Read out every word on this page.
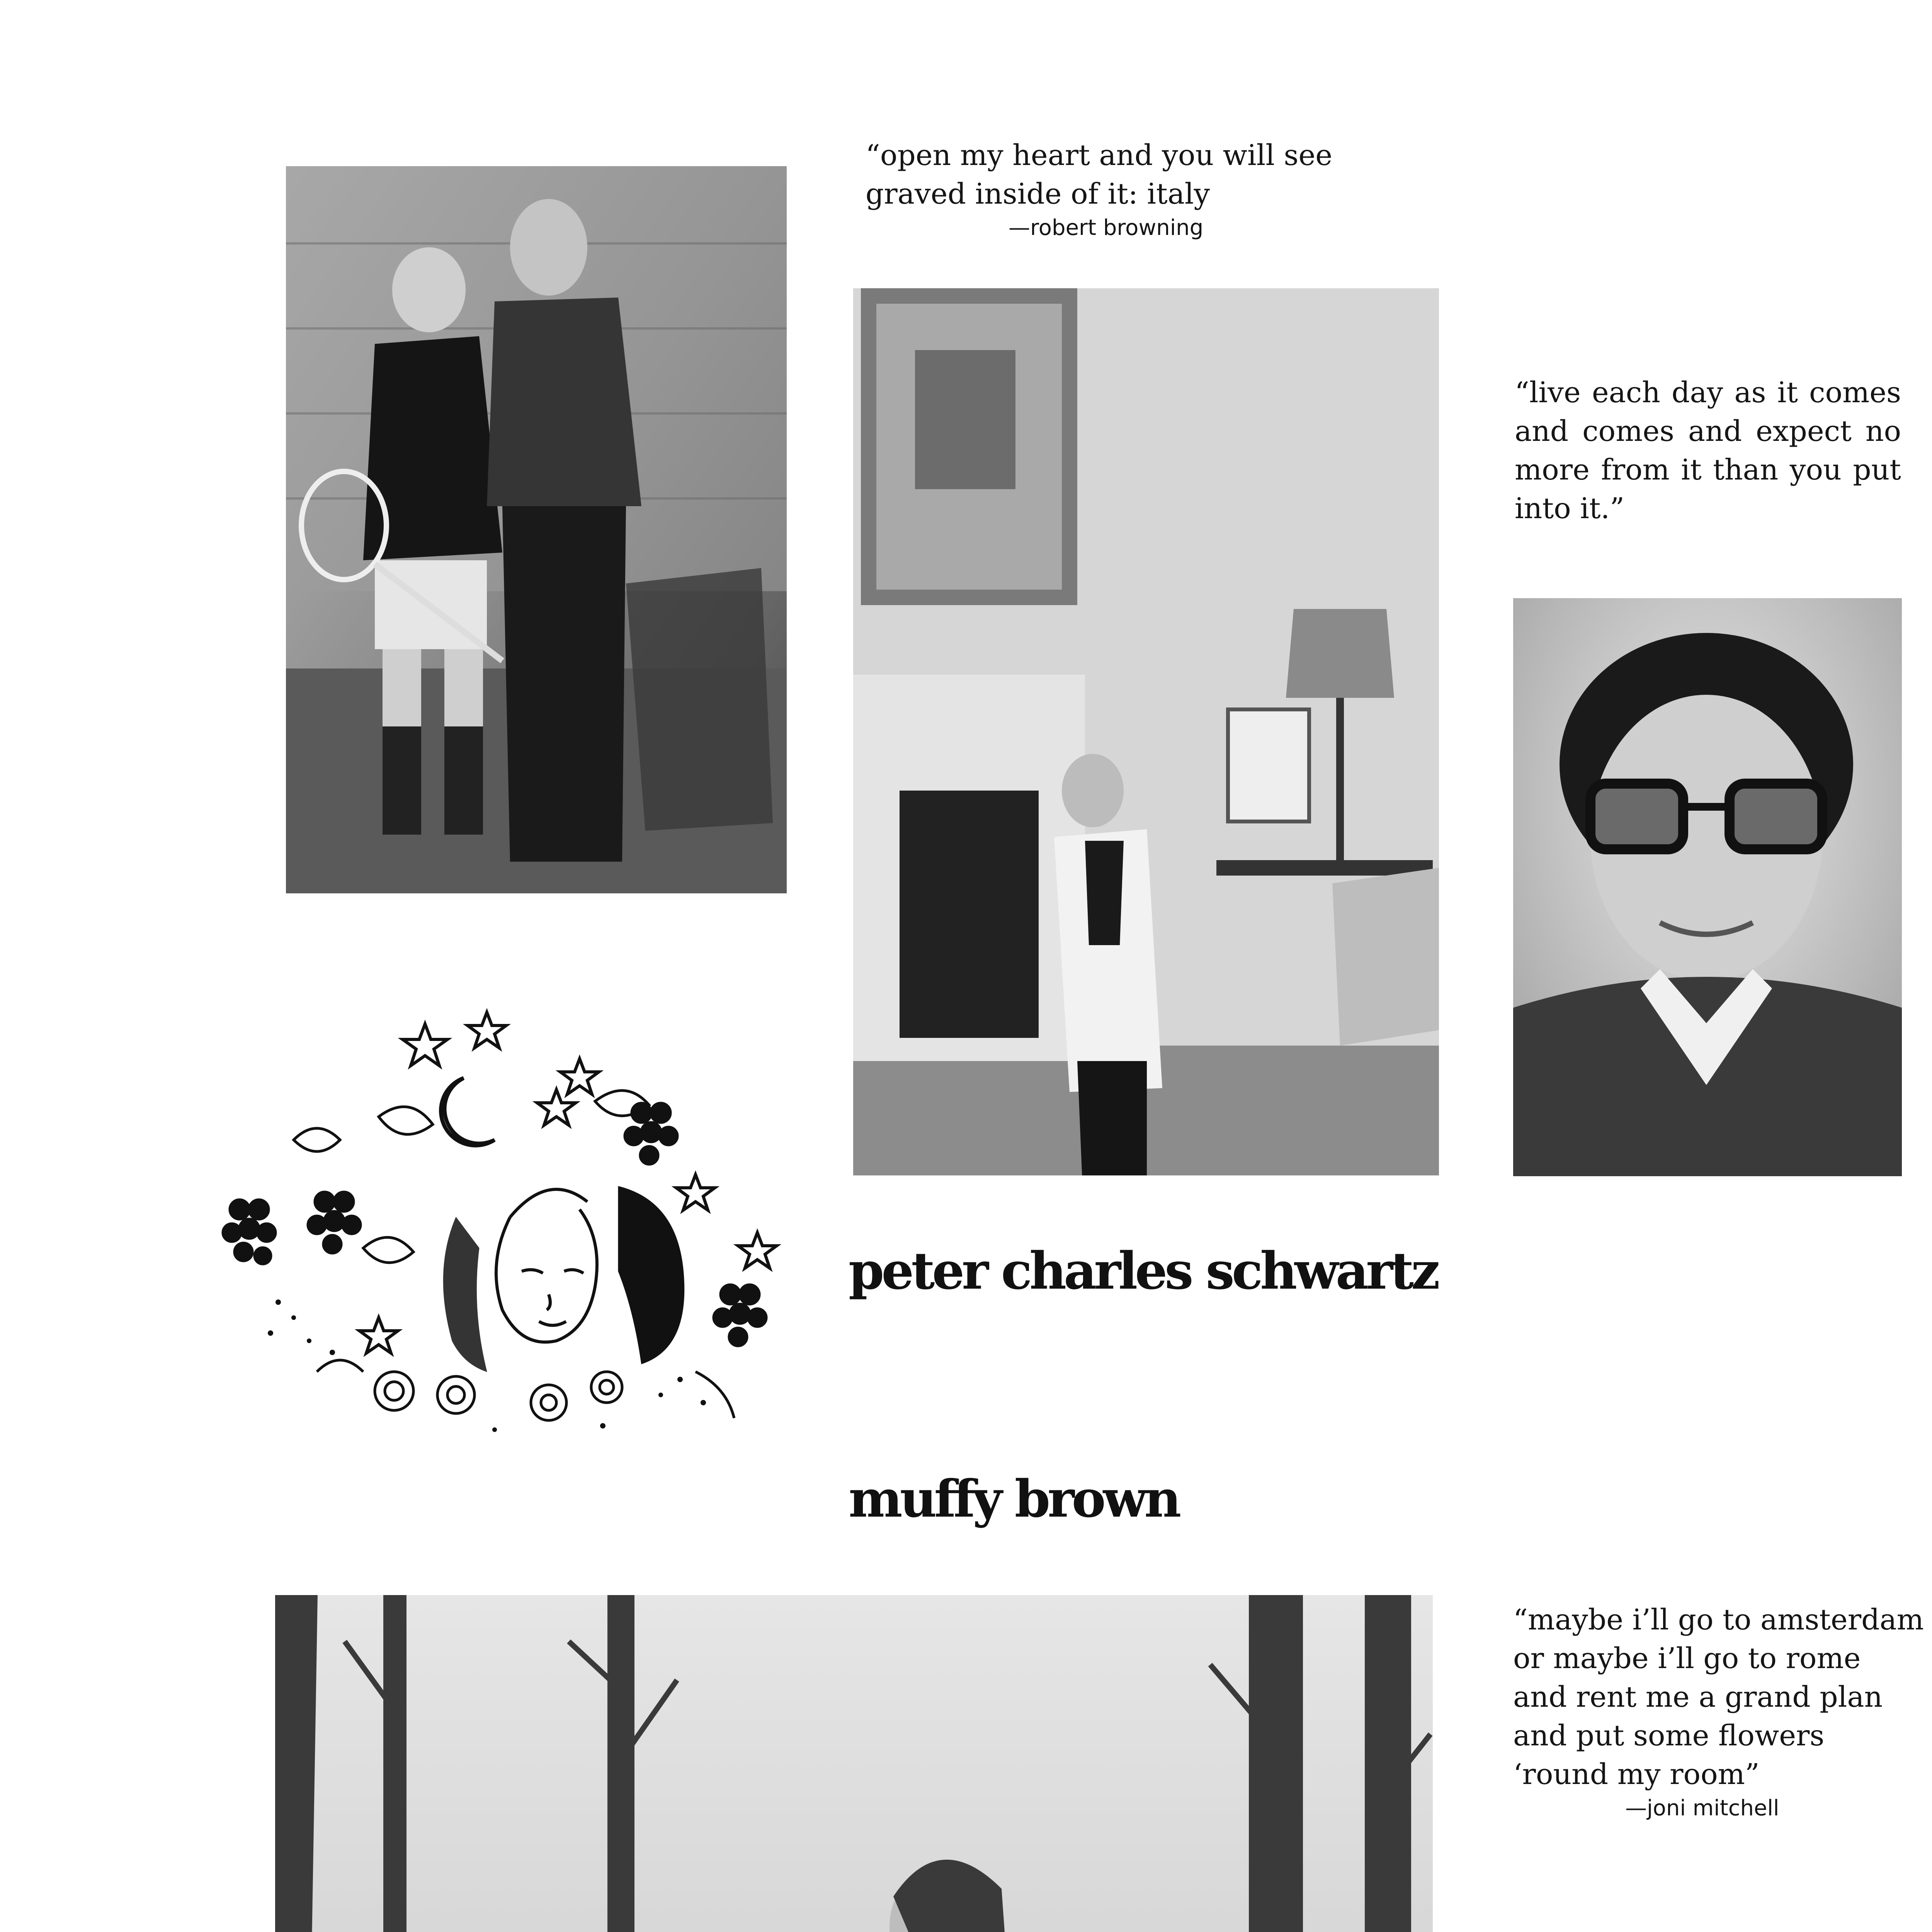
“open my heart and you will see
graved inside of it: italy
—robert browning
“live each day as it comes
and comes and expect no
more from it than you put
into it.”
peter charles schwartz
muffy brown
“maybe i’ll go to amsterdam
or maybe i’ll go to rome
and rent me a grand plan
and put some flowers
‘round my room”
—joni mitchell
